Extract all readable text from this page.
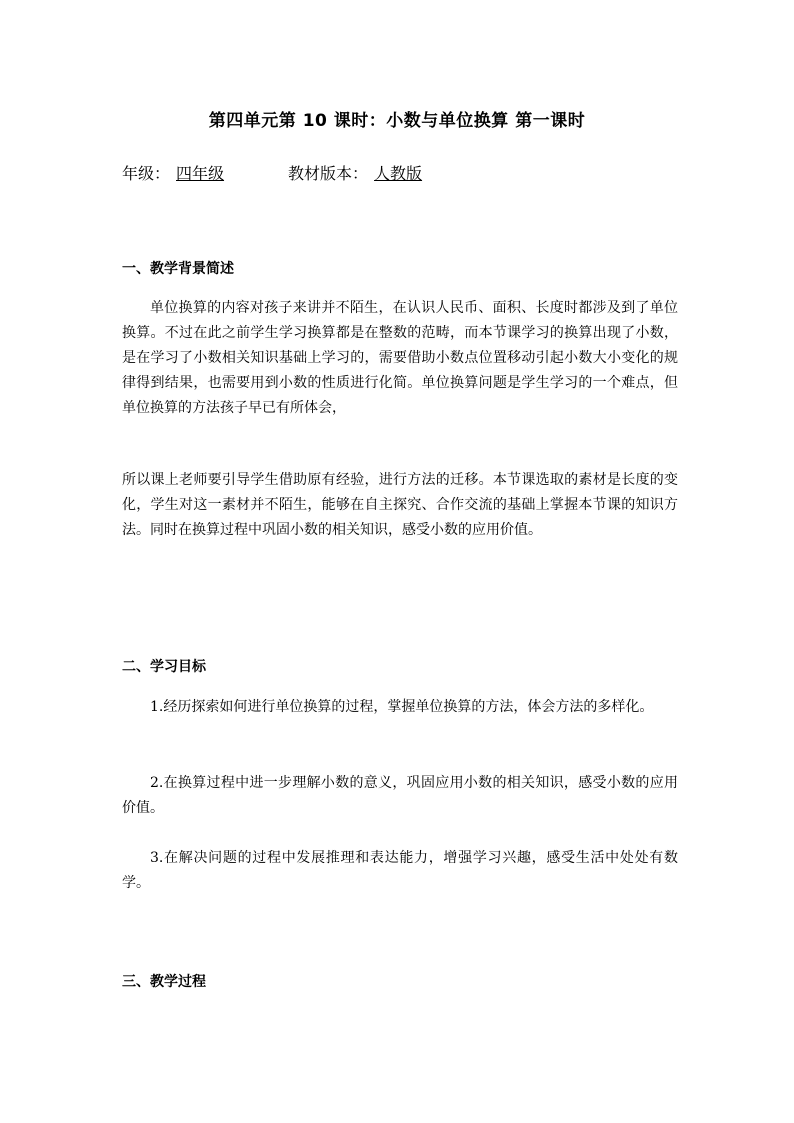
第四单元第 10 课时：小数与单位换算 第一课时
年级： 四年级	教材版本： 人教版
一、教学背景简述

单位换算的内容对孩子来讲并不陌生，在认识人民币、面积、长度时都涉及到了单位换算。不过在此之前学生学习换算都是在整数的范畴，而本节课学习的换算出现了小数，是在学习了小数相关知识基础上学习的，需要借助小数点位置移动引起小数大小变化的规律得到结果，也需要用到小数的性质进行化简。单位换算问题是学生学习的一个难点，但单位换算的方法孩子早已有所体会，

所以课上老师要引导学生借助原有经验，进行方法的迁移。本节课选取的素材是长度的变化，学生对这一素材并不陌生，能够在自主探究、合作交流的基础上掌握本节课的知识方法。同时在换算过程中巩固小数的相关知识，感受小数的应用价值。

二、学习目标

1.经历探索如何进行单位换算的过程，掌握单位换算的方法，体会方法的多样化。

2.在换算过程中进一步理解小数的意义，巩固应用小数的相关知识，感受小数的应用价值。

3.在解决问题的过程中发展推理和表达能力，增强学习兴趣，感受生活中处处有数学。

三、教学过程
